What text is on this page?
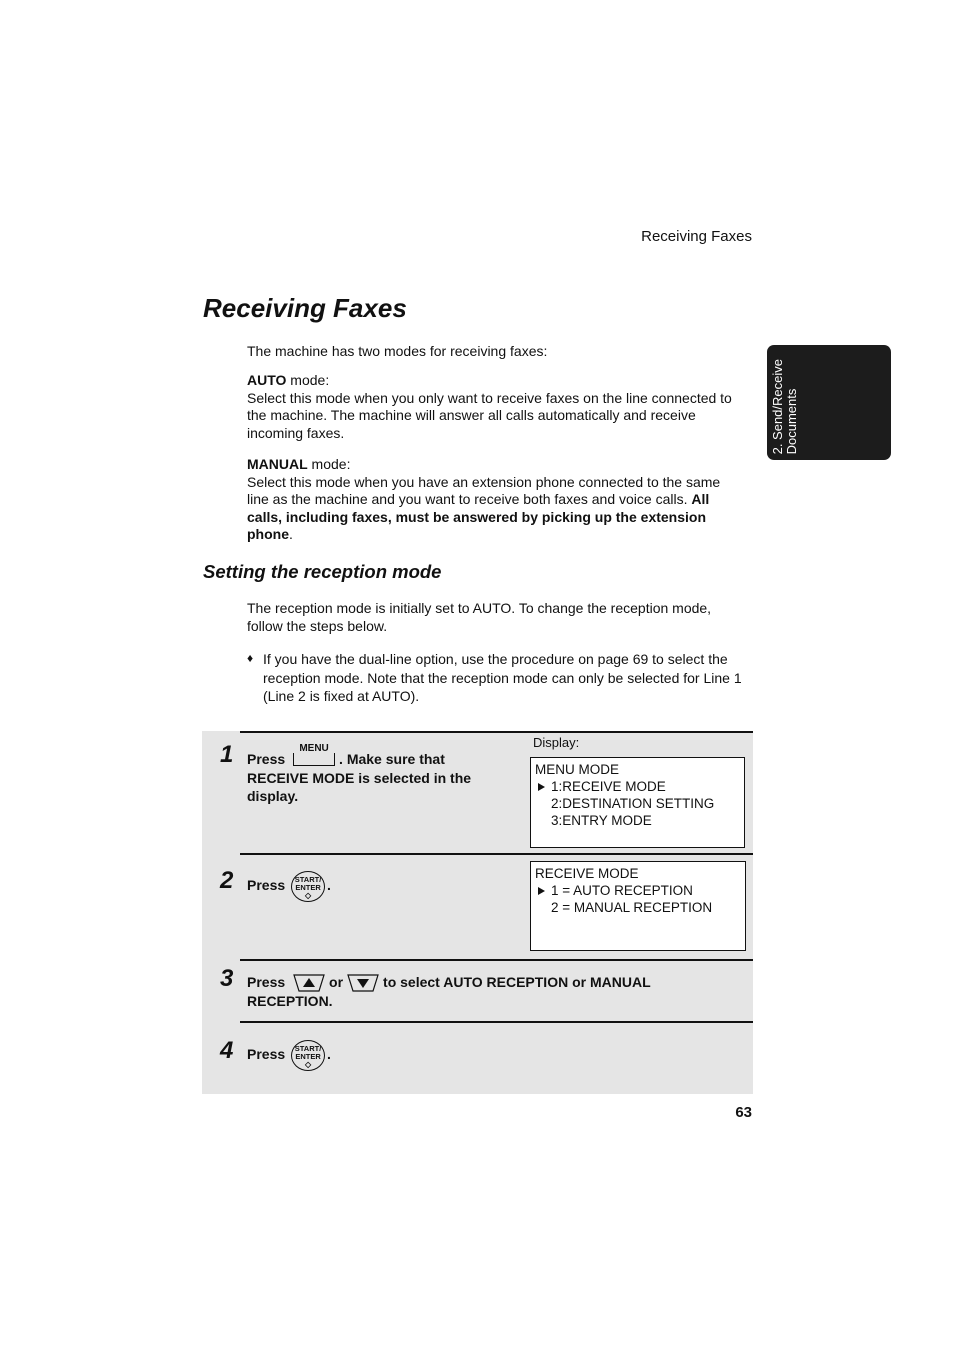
Receiving Faxes
Receiving Faxes
2. Send/Receive
Documents
The machine has two modes for receiving faxes:
AUTO mode:
Select this mode when you only want to receive faxes on the line connected to the machine. The machine will answer all calls automatically and receive incoming faxes.
MANUAL mode:
Select this mode when you have an extension phone connected to the same line as the machine and you want to receive both faxes and voice calls. All calls, including faxes, must be answered by picking up the extension phone.
Setting the reception mode
The reception mode is initially set to AUTO. To change the reception mode, follow the steps below.
♦ If you have the dual-line option, use the procedure on page 69 to select the reception mode. Note that the reception mode can only be selected for Line 1 (Line 2 is fixed at AUTO).
1 Press
MENU
. Make sure that RECEIVE MODE is selected in the display.
Display:
MENU MODE
1:RECEIVE MODE
2:DESTINATION SETTING
3:ENTRY MODE
2 Press	START/
ENTER
◇
.
RECEIVE MODE
1 = AUTO RECEPTION
2 = MANUAL RECEPTION
3 Press	or	to select AUTO RECEPTION or MANUAL RECEPTION.
4 Press	START/
ENTER
◇
.
63
